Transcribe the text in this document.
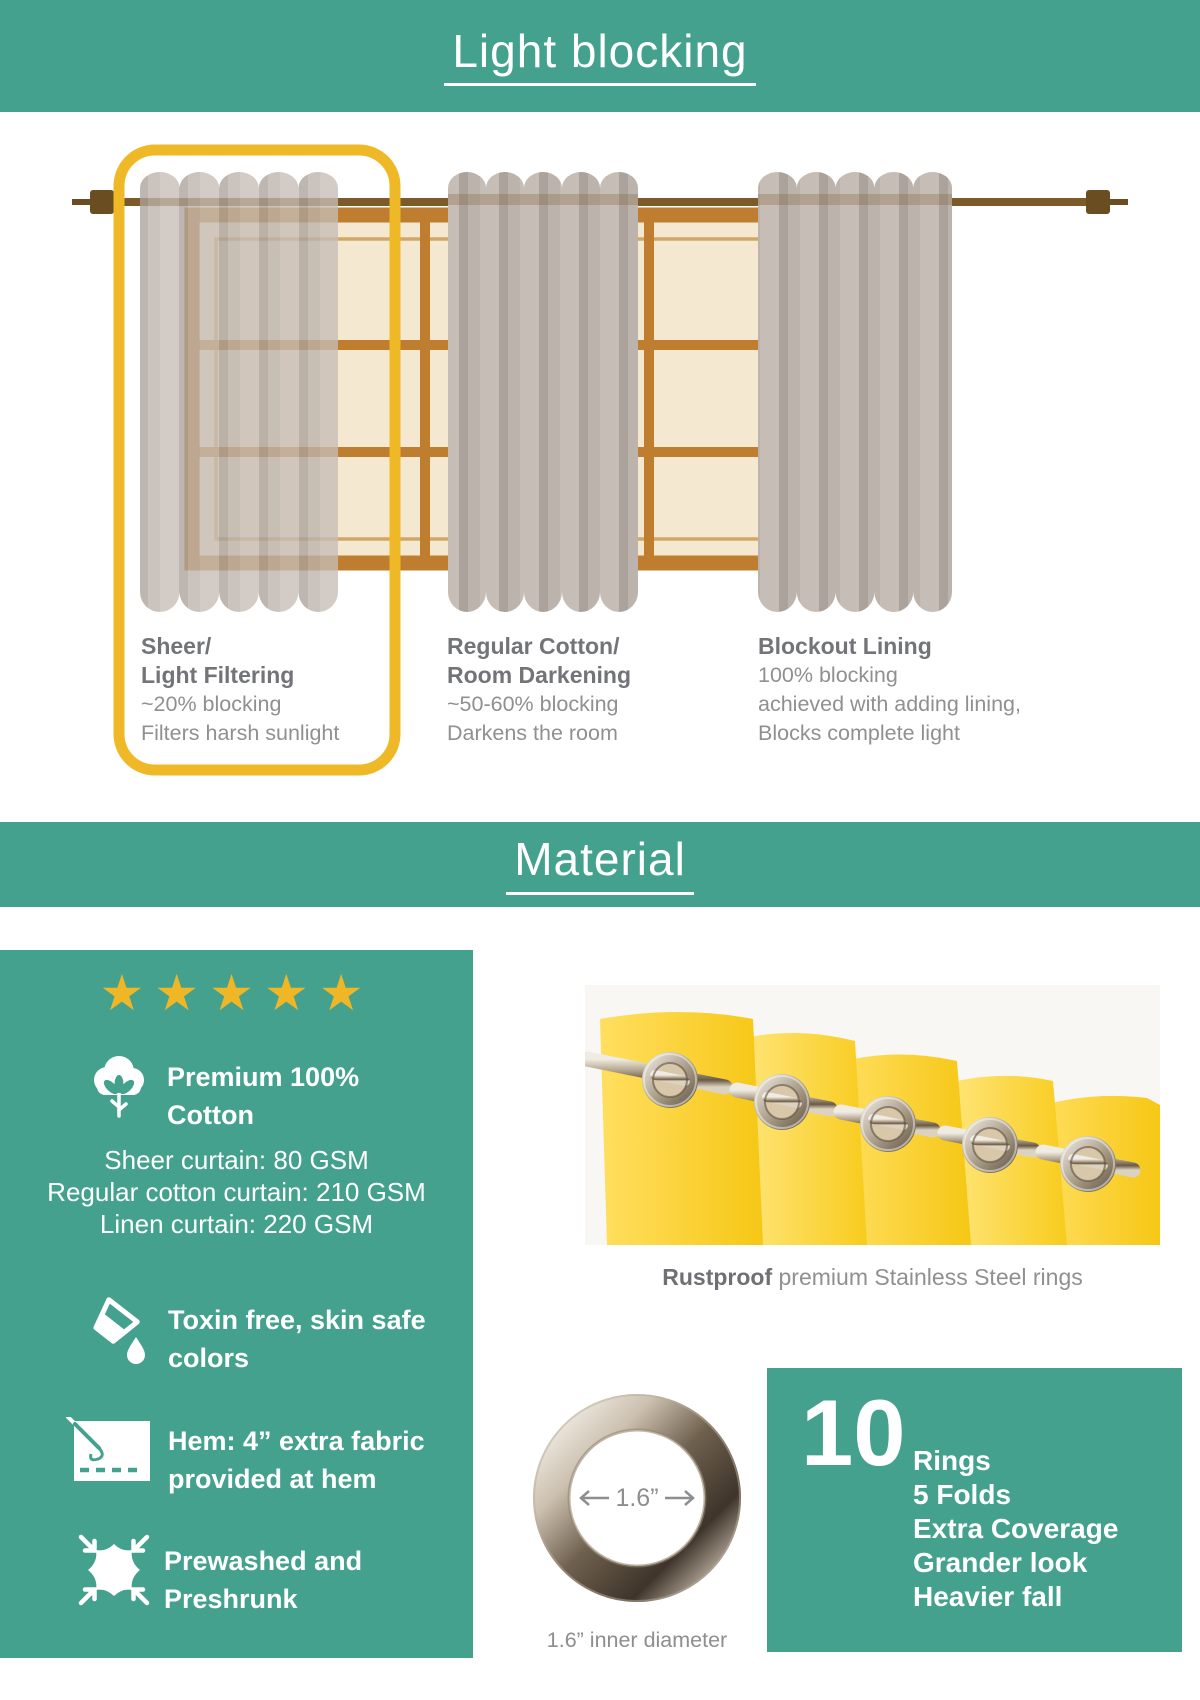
Light blocking
Sheer/
Light Filtering
~20% blocking
Filters harsh sunlight
Regular Cotton/
Room Darkening
~50-60% blocking
Darkens the room
Blockout Lining
100% blocking
achieved with adding lining,
Blocks complete light
Material
★★★★★
Premium 100%
Cotton
Sheer curtain: 80 GSM
Regular cotton curtain: 210 GSM
Linen curtain: 220 GSM
Toxin free, skin safe
colors
Hem: 4” extra fabric
provided at hem
Prewashed and
Preshrunk
Rustproof premium Stainless Steel rings
1.6”
1.6” inner diameter
10 Rings
5 Folds
Extra Coverage
Grander look
Heavier fall
